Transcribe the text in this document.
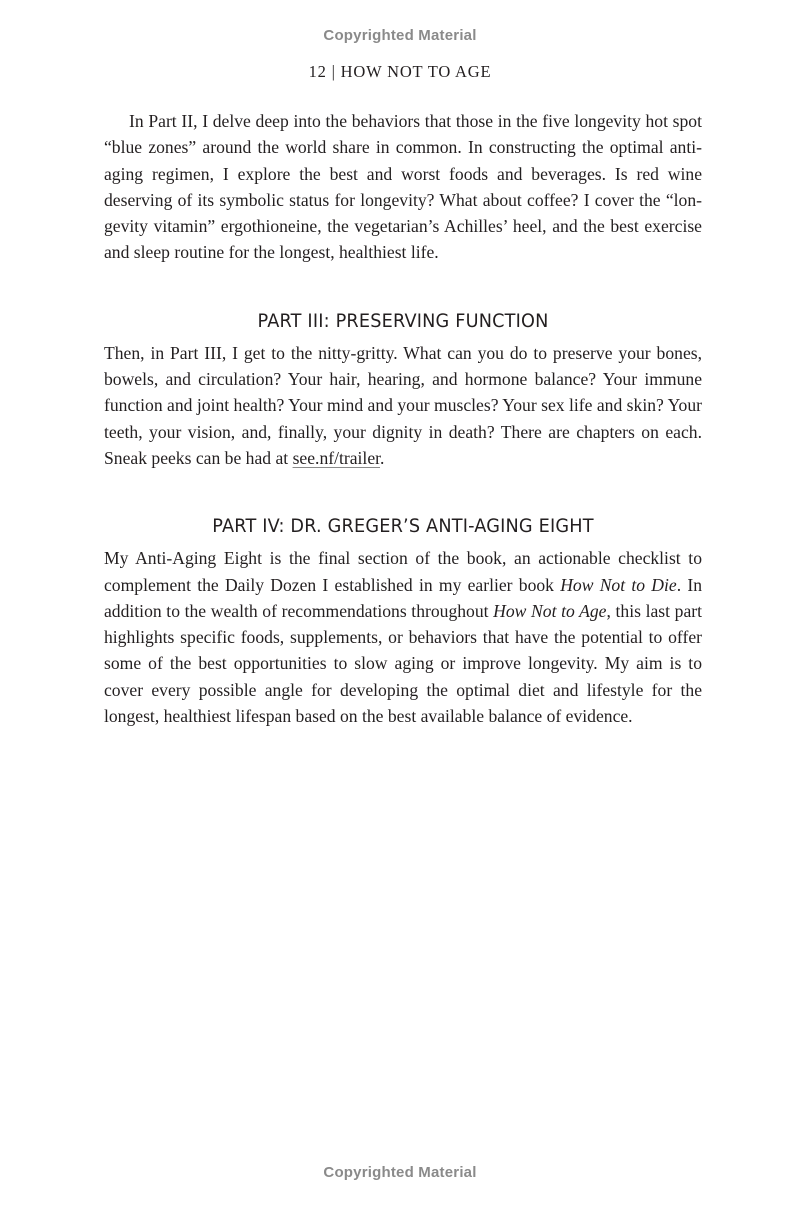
Copyrighted Material
12 | HOW NOT TO AGE

In Part II, I delve deep into the behaviors that those in the five longevity hot spot “blue zones” around the world share in common. In constructing the optimal anti-aging regimen, I explore the best and worst foods and beverages. Is red wine deserving of its symbolic status for longevity? What about coffee? I cover the “lon-gevity vitamin” ergothioneine, the vegetarian’s Achilles’ heel, and the best exercise and sleep routine for the longest, healthiest life.

PART III: PRESERVING FUNCTION

Then, in Part III, I get to the nitty-gritty. What can you do to preserve your bones, bowels, and circulation? Your hair, hearing, and hormone balance? Your immune function and joint health? Your mind and your muscles? Your sex life and skin? Your teeth, your vision, and, finally, your dignity in death? There are chapters on each. Sneak peeks can be had at see.nf/trailer.

PART IV: DR. GREGER’S ANTI-AGING EIGHT

My Anti-Aging Eight is the final section of the book, an actionable checklist to complement the Daily Dozen I established in my earlier book How Not to Die. In addition to the wealth of recommendations throughout How Not to Age, this last part highlights specific foods, supplements, or behaviors that have the potential to offer some of the best opportunities to slow aging or improve longevity. My aim is to cover every possible angle for developing the optimal diet and lifestyle for the longest, healthiest lifespan based on the best available balance of evidence.

Copyrighted Material
